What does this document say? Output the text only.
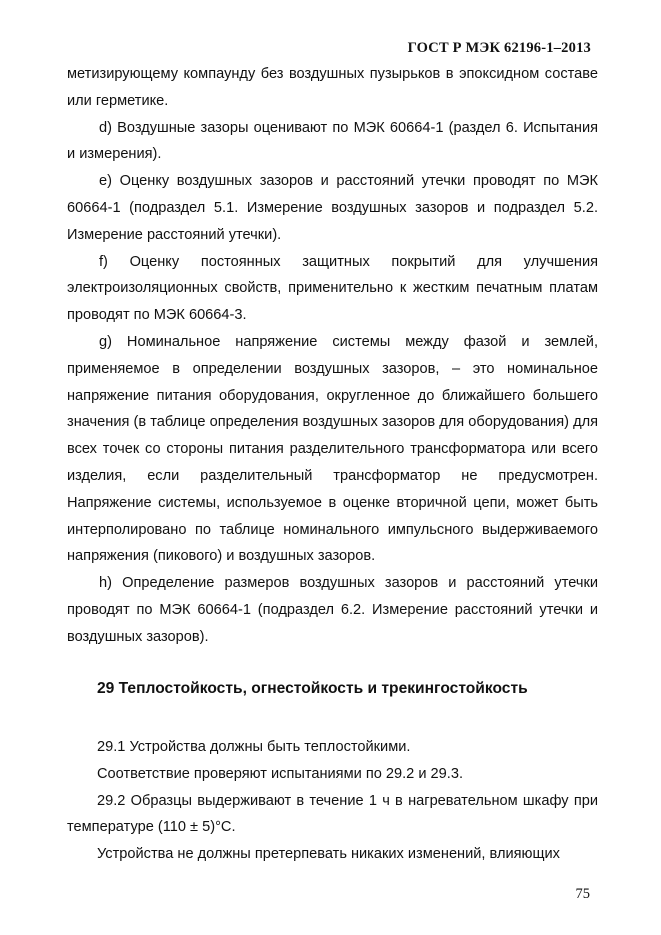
ГОСТ Р МЭК 62196-1–2013

метизирующему компаунду без воздушных пузырьков в эпоксидном составе или герметике.

d) Воздушные зазоры оценивают по МЭК 60664-1 (раздел 6. Испытания и измерения).

e) Оценку воздушных зазоров и расстояний утечки проводят по МЭК 60664-1 (подраздел 5.1. Измерение воздушных зазоров и подраздел 5.2. Измерение расстояний утечки).

f) Оценку постоянных защитных покрытий для улучшения электроизоляционных свойств, применительно к жестким печатным платам проводят по МЭК 60664-3.

g) Номинальное напряжение системы между фазой и землей, применяемое в определении воздушных зазоров, – это номинальное напряжение питания оборудования, округленное до ближайшего большего значения (в таблице определения воздушных зазоров для оборудования) для всех точек со стороны питания разделительного трансформатора или всего изделия, если разделительный трансформатор не предусмотрен. Напряжение системы, используемое в оценке вторичной цепи, может быть интерполировано по таблице номинального импульсного выдерживаемого напряжения (пикового) и воздушных зазоров.

h) Определение размеров воздушных зазоров и расстояний утечки проводят по МЭК 60664-1 (подраздел 6.2. Измерение расстояний утечки и воздушных зазоров).

29 Теплостойкость, огнестойкость и трекингостойкость

29.1 Устройства должны быть теплостойкими.

Соответствие проверяют испытаниями по 29.2 и 29.3.

29.2 Образцы выдерживают в течение 1 ч в нагревательном шкафу при температуре (110 ± 5)°С.

Устройства не должны претерпевать никаких изменений, влияющих

75
